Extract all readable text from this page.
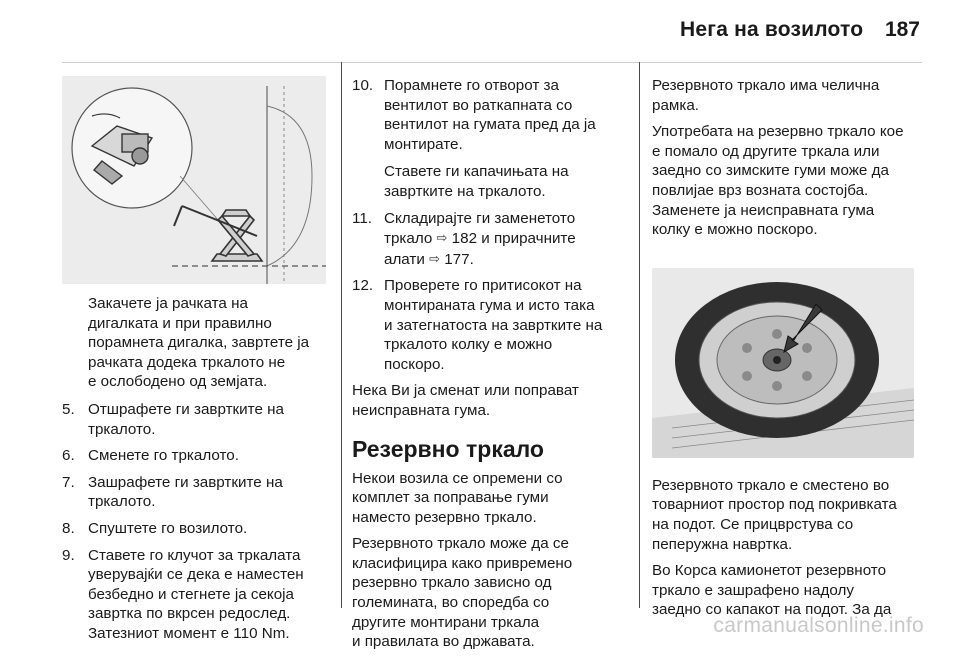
Нега на возилото 187
Закачете ја рачката на
дигалката и при правилно
порамнета дигалка, завртете ја
рачката додека тркалото не
е ослободено од земјата.
5. Отшрафете ги завртките на
тркалото.
6. Сменете го тркалото.
7. Зашрафете ги завртките на
тркалото.
8. Спуштете го возилото.
9. Ставете го клучот за тркалата
уверувајќи се дека е наместен
безбедно и стегнете ја секоја
завртка по вкрсен редослед.
Затезниот момент е 110 Nm.
10. Порамнете го отворот за
вентилот во раткапната со
вентилот на гумата пред да ја
монтирате.
Ставете ги капачињата на
завртките на тркалото.
11. Складирајте ги заменетото
тркало ⇨ 182 и прирачните
алати ⇨ 177.
12. Проверете го притисокот на
монтираната гума и исто така
и затегнатоста на завртките на
тркалото колку е можно
поскоро.

Нека Ви ја сменат или поправат
неисправната гума.

Резервно тркало

Некои возила се опремени со
комплет за поправање гуми
наместо резервно тркало.

Резервното тркало може да се
класифицира како привремено
резервно тркало зависно од
големината, во споредба со
другите монтирани тркала
и правилата во државата.

Резервното тркало има челична
рамка.

Употребата на резервно тркало кое
е помало од другите тркала или
заедно со зимските гуми може да
повлијае врз возната состојба.
Заменете ја неисправната гума
колку е можно поскоро.

Резервното тркало е сместено во
товарниот простор под покривката
на подот. Се прицврстува со
пеперужна навртка.

Во Корса камионетот резервното
тркало е зашрафено надолу
заедно со капакот на подот. За да

carmanualsonline.info
